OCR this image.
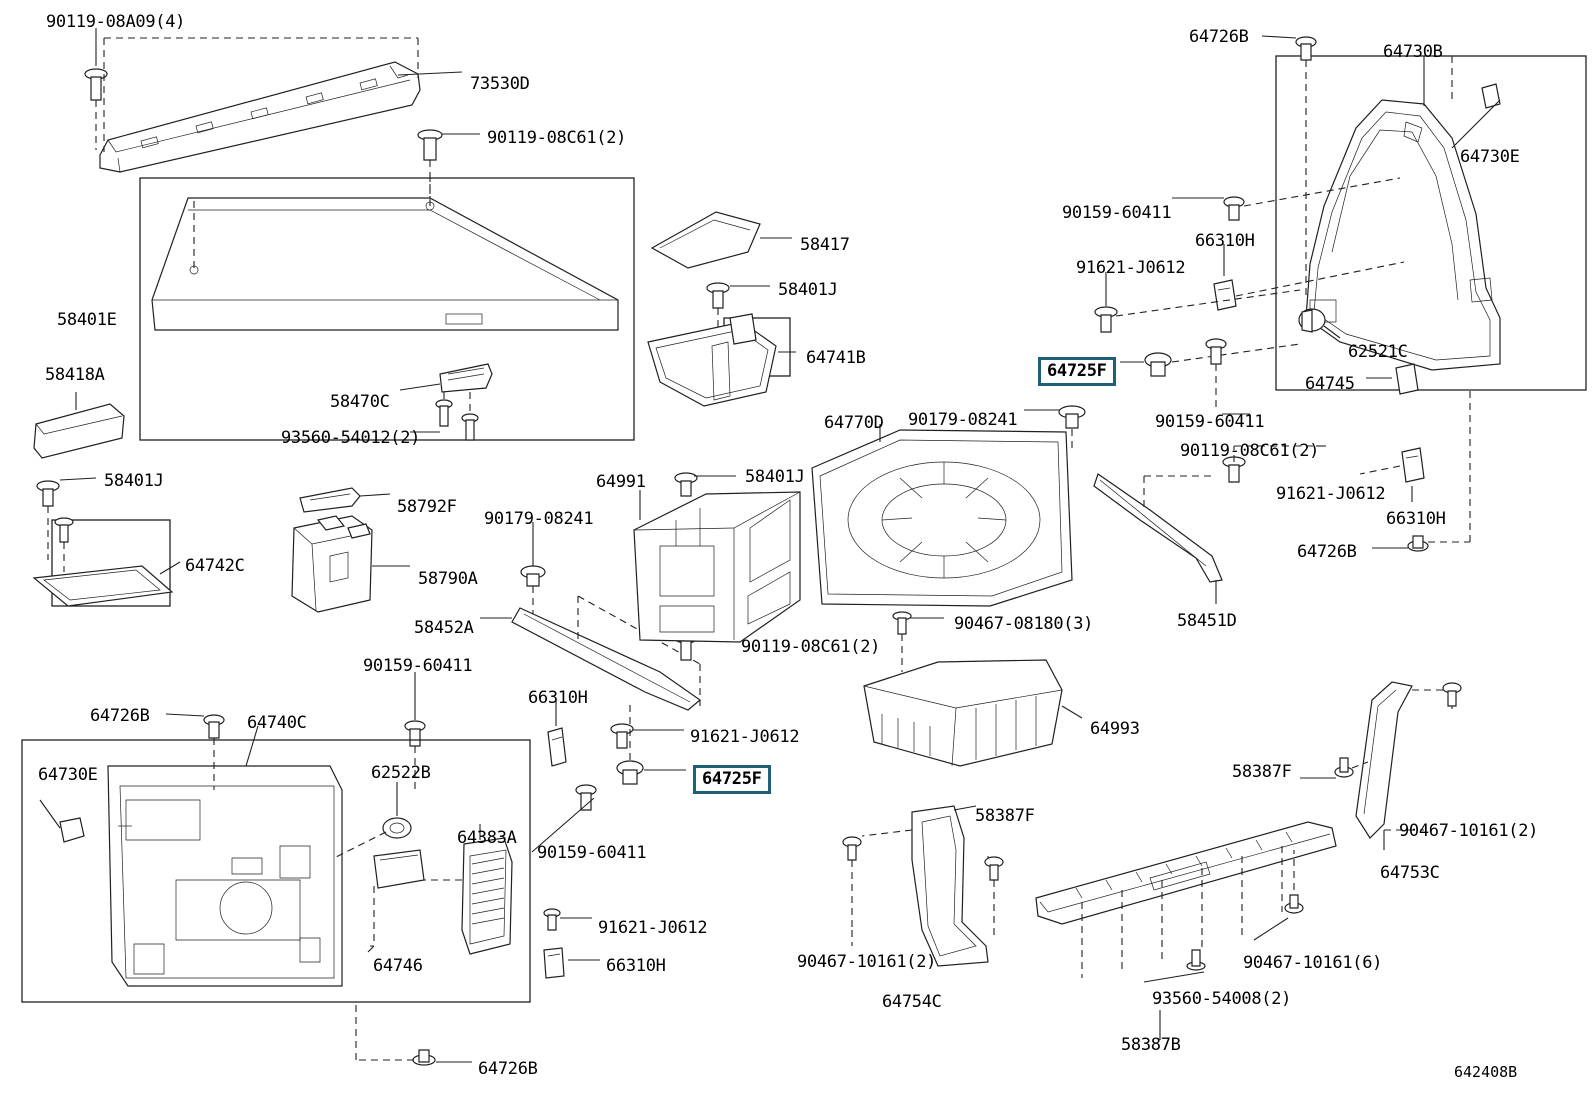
90119-08A09(4)
73530D
90119-08C61(2)
58401E
58418A
58470C
93560-54012(2)
58401J
58417
58401J
64741B
64770D 90179-08241
64991	58401J
58792F
90179-08241
58790A
64742C
58452A
90119-08C61(2)
90467-08180(3)	58451D
90159-60411
66310H
64726B	64740C
91621-J0612
64730E	62522B	64725F
64383A
90159-60411
64746
91621-J0612
66310H
64726B
64993
58387F
58387F
90467-10161(2)
64753C
90467-10161(2)
64754C
90467-10161(6)
93560-54008(2)
58387B
64726B
64730B
64730E
90159-60411
66310H
91621-J0612
62521C
64725F
64745
90159-60411
90119-08C61(2)
91621-J0612
66310H
64726B
642408B
